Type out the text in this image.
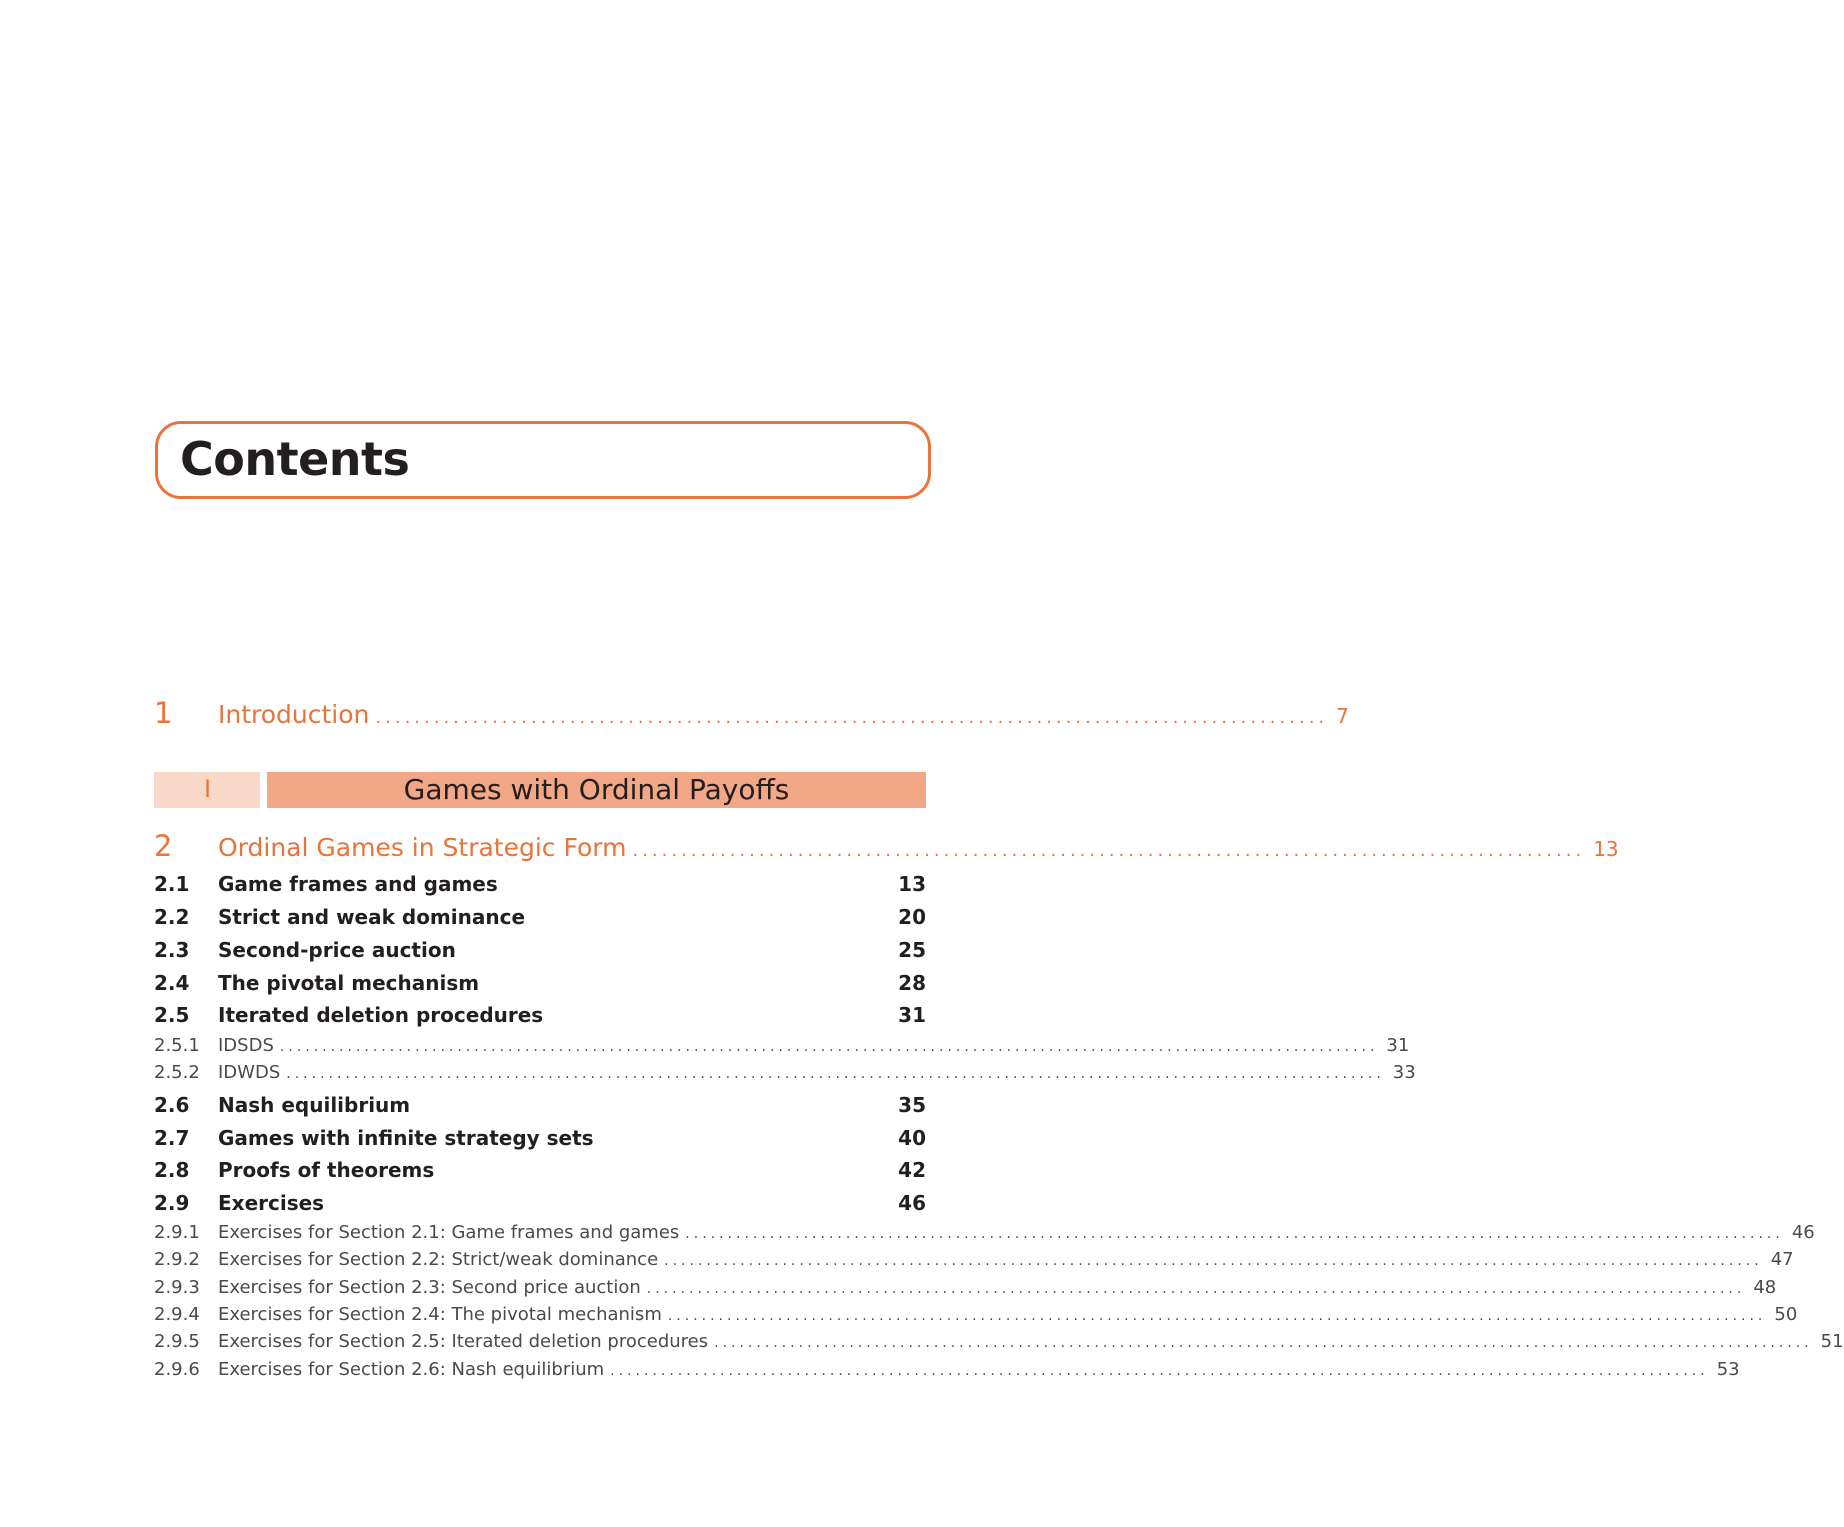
Contents
1	Introduction .................................................................................................. 7
I	Games with Ordinal Payoffs
2	Ordinal Games in Strategic Form .................................................................................................. 13
2.1	Game frames and games	13
2.2	Strict and weak dominance	20
2.3	Second-price auction	25
2.4	The pivotal mechanism	28
2.5	Iterated deletion procedures	31
2.5.1	IDSDS .................................................................................................................................. 31
2.5.2	IDWDS .................................................................................................................................. 33
2.6	Nash equilibrium	35
2.7	Games with infinite strategy sets	40
2.8	Proofs of theorems	42
2.9	Exercises	46
2.9.1	Exercises for Section 2.1: Game frames and games .................................................................................................................................. 46
2.9.2	Exercises for Section 2.2: Strict/weak dominance .................................................................................................................................. 47
2.9.3	Exercises for Section 2.3: Second price auction .................................................................................................................................. 48
2.9.4	Exercises for Section 2.4: The pivotal mechanism .................................................................................................................................. 50
2.9.5	Exercises for Section 2.5: Iterated deletion procedures .................................................................................................................................. 51
2.9.6	Exercises for Section 2.6: Nash equilibrium .................................................................................................................................. 53
